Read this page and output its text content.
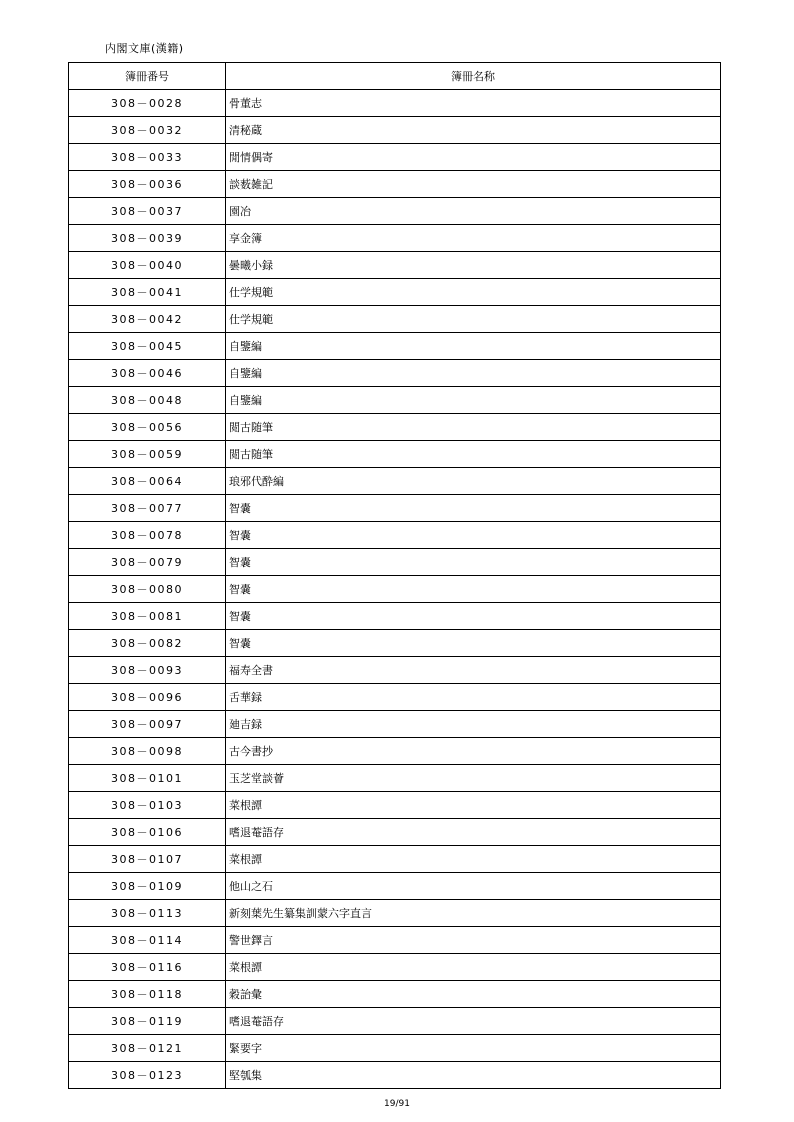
内閣文庫(漢籍)
簿冊番号	簿冊名称
308－0028	骨董志
308－0032	清秘蔵
308－0033	閒情偶寄
308－0036	談薮雑記
308－0037	園冶
308－0039	享金簿
308－0040	曇曦小録
308－0041	仕学規範
308－0042	仕学規範
308－0045	自鑒編
308－0046	自鑒編
308－0048	自鑒編
308－0056	閲古随筆
308－0059	閲古随筆
308－0064	琅邪代酔編
308－0077	智嚢
308－0078	智嚢
308－0079	智嚢
308－0080	智嚢
308－0081	智嚢
308－0082	智嚢
308－0093	福寿全書
308－0096	舌華録
308－0097	廸吉録
308－0098	古今書抄
308－0101	玉芝堂談薈
308－0103	菜根譚
308－0106	嗜退菴語存
308－0107	菜根譚
308－0109	他山之石
308－0113	新刻葉先生纂集訓蒙六字直言
308－0114	警世鐸言
308－0116	菜根譚
308－0118	穀詒彙
308－0119	嗜退菴語存
308－0121	緊要字
308－0123	堅瓠集
19/91
